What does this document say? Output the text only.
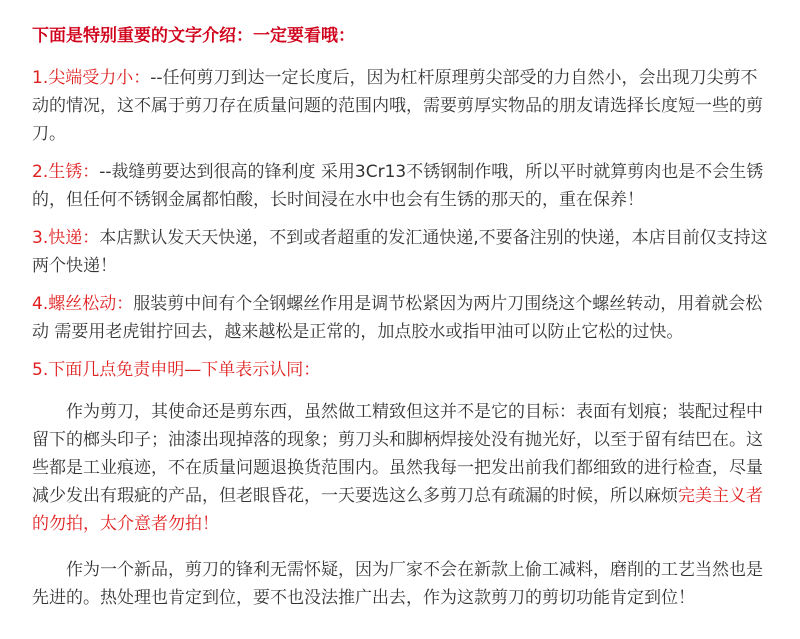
下面是特别重要的文字介绍：一定要看哦：
1.尖端受力小：--任何剪刀到达一定长度后，因为杠杆原理剪尖部受的力自然小，会出现刀尖剪不动的情况，这不属于剪刀存在质量问题的范围内哦，需要剪厚实物品的朋友请选择长度短一些的剪刀。
2.生锈：--裁缝剪要达到很高的锋利度 采用3Cr13不锈钢制作哦，所以平时就算剪肉也是不会生锈的，但任何不锈钢金属都怕酸，长时间浸在水中也会有生锈的那天的，重在保养！
3.快递：本店默认发天天快递，不到或者超重的发汇通快递,不要备注别的快递，本店目前仅支持这两个快递！
4.螺丝松动：服装剪中间有个全钢螺丝作用是调节松紧因为两片刀围绕这个螺丝转动，用着就会松动 需要用老虎钳拧回去，越来越松是正常的，加点胶水或指甲油可以防止它松的过快。
5.下面几点免责申明—下单表示认同：
作为剪刀，其使命还是剪东西，虽然做工精致但这并不是它的目标：表面有划痕；装配过程中留下的榔头印子；油漆出现掉落的现象；剪刀头和脚柄焊接处没有抛光好，以至于留有结巴在。这些都是工业痕迹，不在质量问题退换货范围内。虽然我每一把发出前我们都细致的进行检查，尽量减少发出有瑕疵的产品，但老眼昏花，一天要选这么多剪刀总有疏漏的时候，所以麻烦完美主义者的勿拍，太介意者勿拍！
作为一个新品，剪刀的锋利无需怀疑，因为厂家不会在新款上偷工减料，磨削的工艺当然也是先进的。热处理也肯定到位，要不也没法推广出去，作为这款剪刀的剪切功能肯定到位！
